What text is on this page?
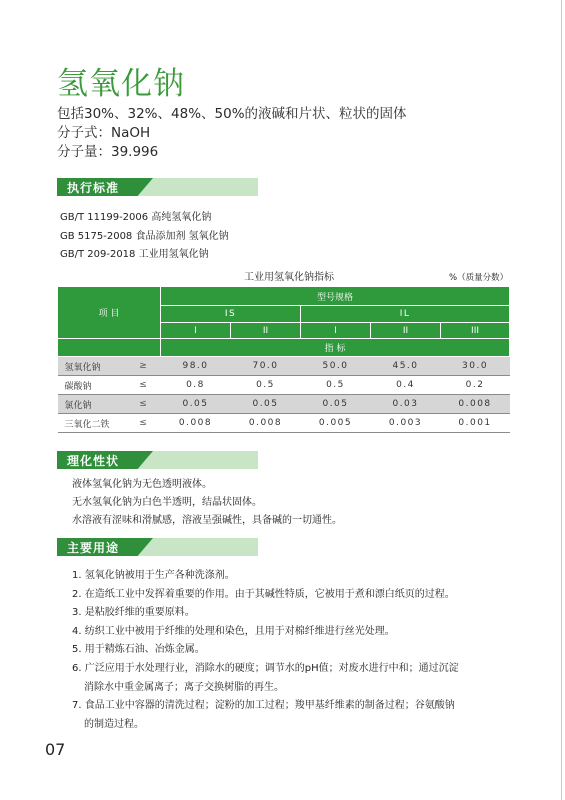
氢氧化钠
包括30%、32%、48%、50%的液碱和片状、粒状的固体
分子式：NaOH
分子量：39.996
执行标准
GB/T 11199-2006 高纯氢氧化钠
GB 5175-2008 食品添加剂 氢氧化钠
GB/T 209-2018 工业用氢氧化钠
工业用氢氧化钠指标	%（质量分数）
项 目		型号规格				
		IS		IL		
		I	II	I	II	III
		指 标				
氢氧化钠	≥	98.0	70.0	50.0	45.0	30.0
碳酸钠	≤	0.8	0.5	0.5	0.4	0.2
氯化钠	≤	0.05	0.05	0.05	0.03	0.008
三氧化二铁	≤	0.008	0.008	0.005	0.003	0.001
理化性状
液体氢氧化钠为无色透明液体。
无水氢氧化钠为白色半透明，结晶状固体。
水溶液有涩味和滑腻感，溶液呈强碱性，具备碱的一切通性。
主要用途
1. 氢氧化钠被用于生产各种洗涤剂。
2. 在造纸工业中发挥着重要的作用。由于其碱性特质，它被用于煮和漂白纸页的过程。
3. 是粘胶纤维的重要原料。
4. 纺织工业中被用于纤维的处理和染色，且用于对棉纤维进行丝光处理。
5. 用于精炼石油、冶炼金属。
6. 广泛应用于水处理行业，消除水的硬度；调节水的pH值；对废水进行中和；通过沉淀
消除水中重金属离子；离子交换树脂的再生。
7. 食品工业中容器的清洗过程；淀粉的加工过程；羧甲基纤维素的制备过程；谷氨酸钠
的制造过程。
07
